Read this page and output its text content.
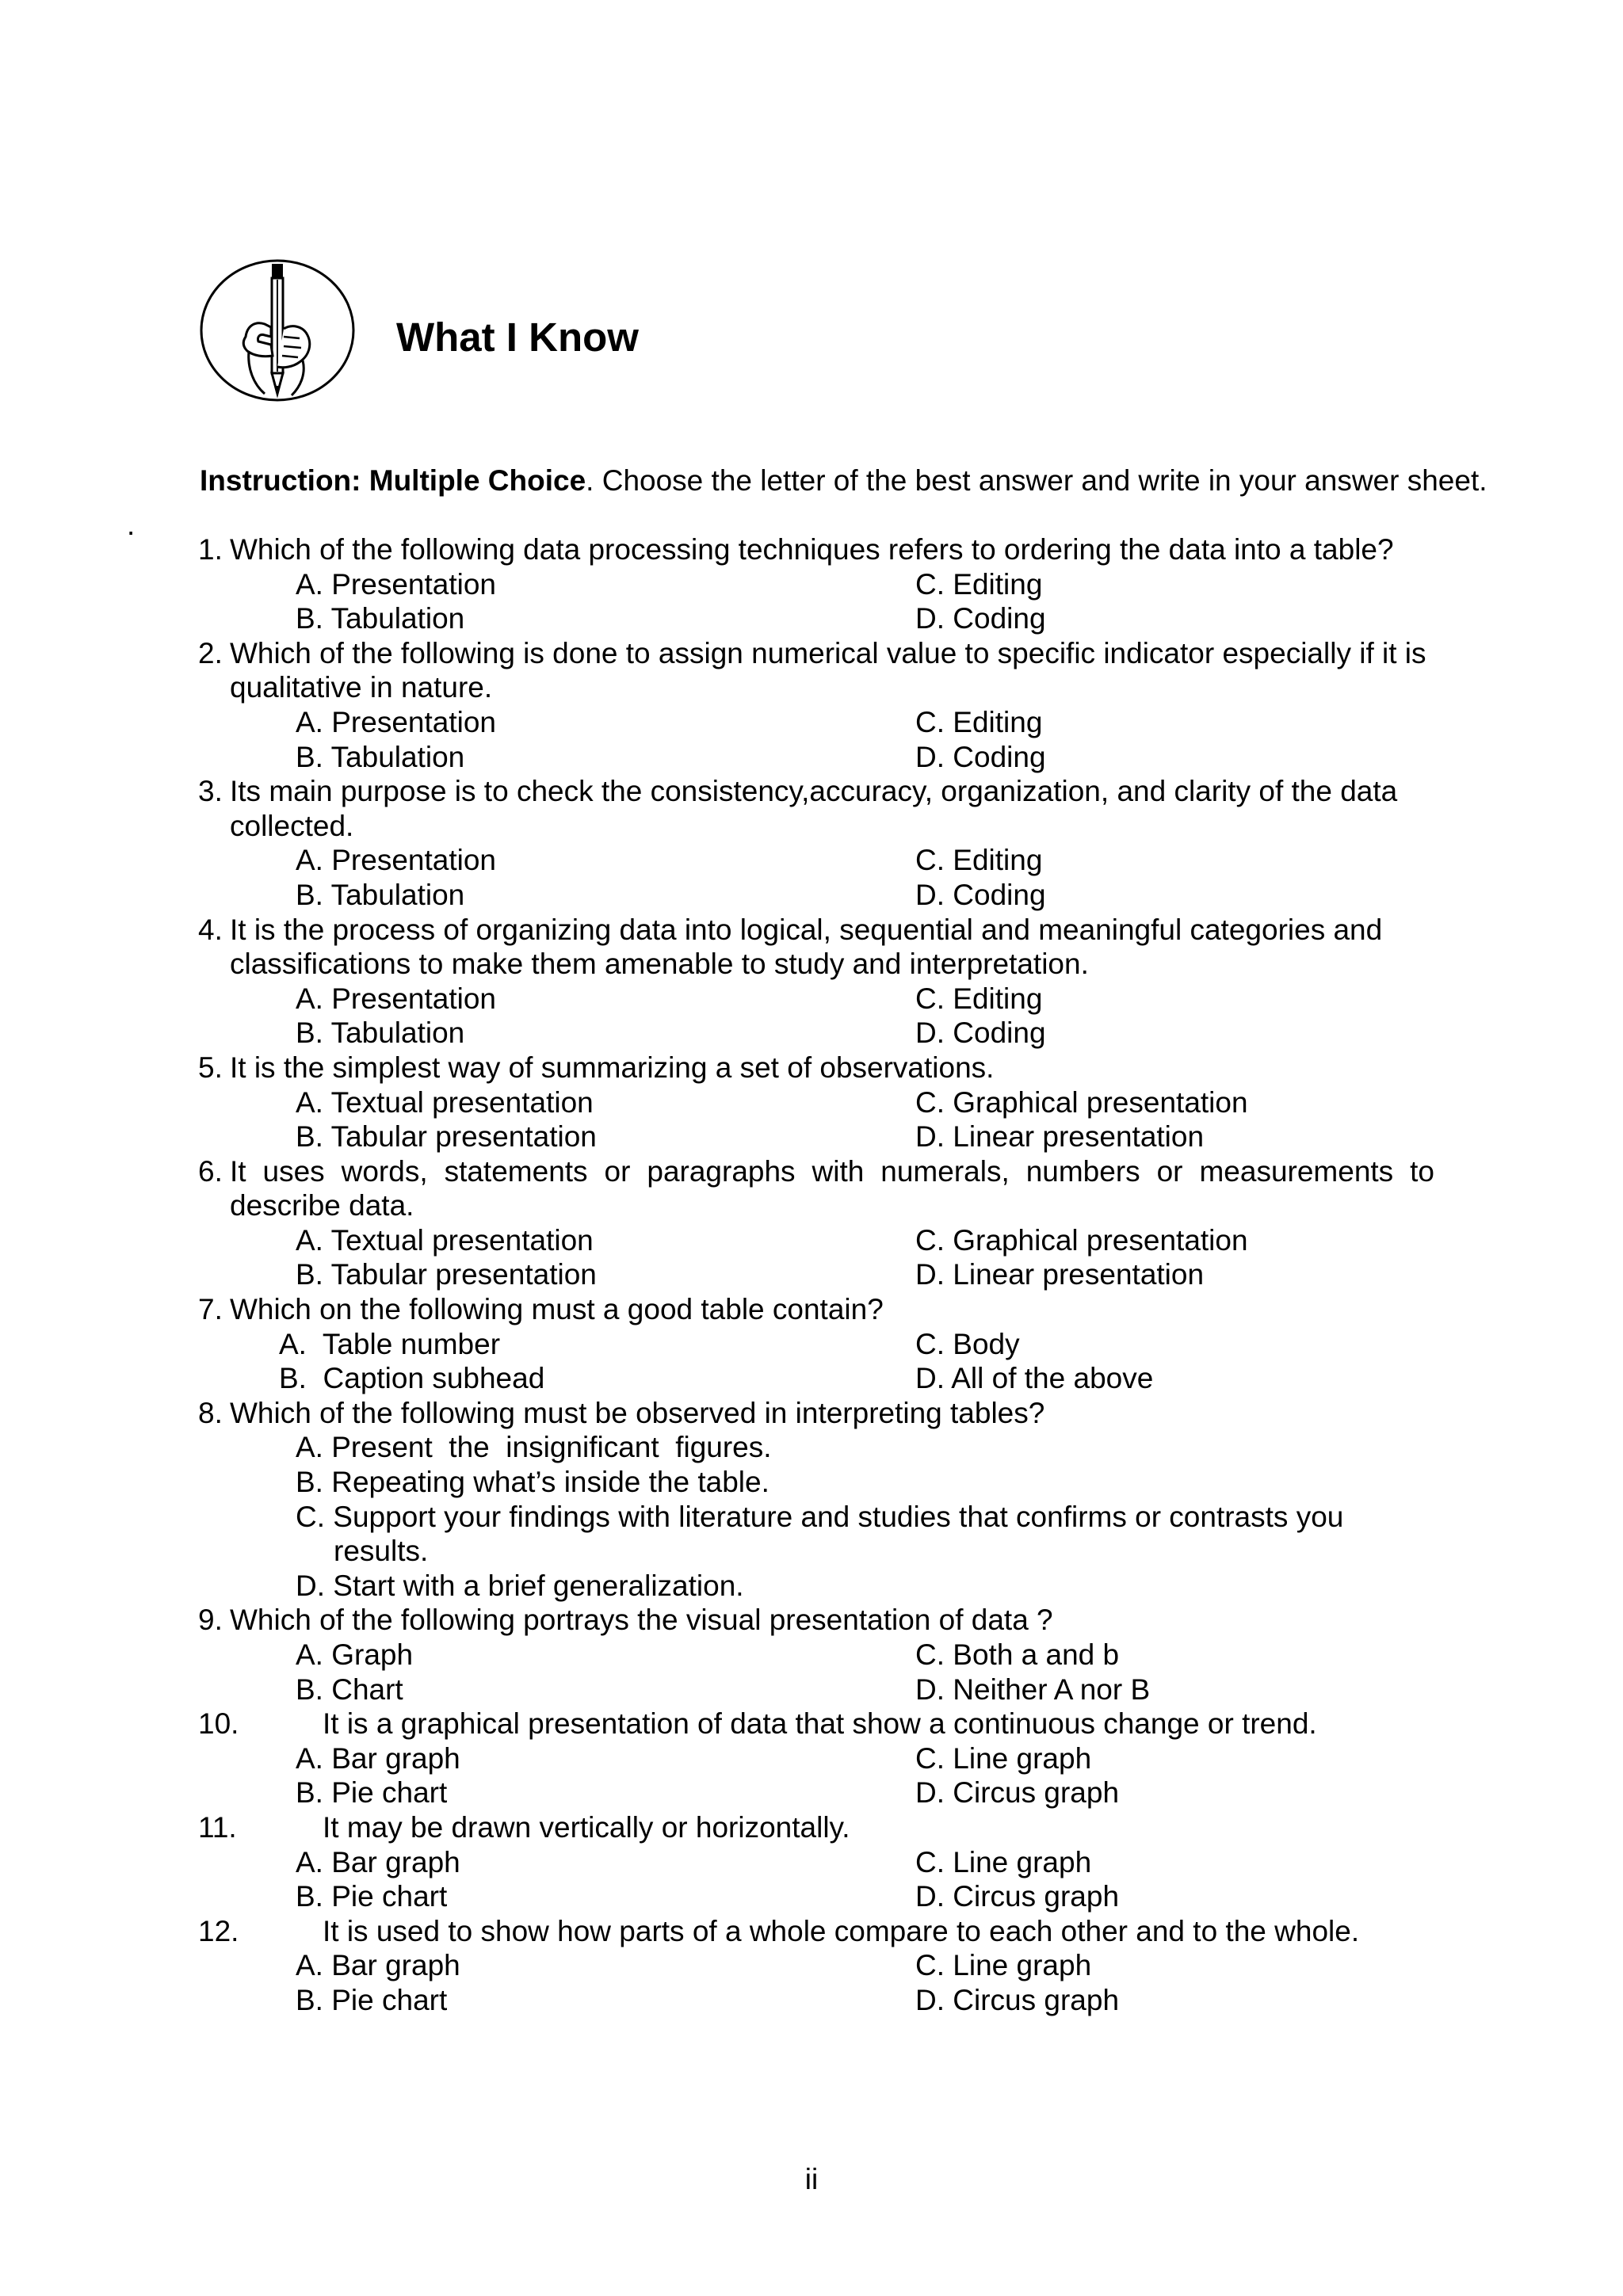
What I Know
Instruction: Multiple Choice. Choose the letter of the best answer and write in your answer sheet.
.
1. Which of the following data processing techniques refers to ordering the data into a table?
A. Presentation	C. Editing
B. Tabulation	D. Coding
2. Which of the following is done to assign numerical value to specific indicator especially if it is
qualitative in nature.
A. Presentation	C. Editing
B. Tabulation	D. Coding
3. Its main purpose is to check the consistency,accuracy, organization, and clarity of the data
collected.
A. Presentation	C. Editing
B. Tabulation	D. Coding
4. It is the process of organizing data into logical, sequential and meaningful categories and
classifications to make them amenable to study and interpretation.
A. Presentation	C. Editing
B. Tabulation	D. Coding
5. It is the simplest way of summarizing a set of observations.
A. Textual presentation	C. Graphical presentation
B. Tabular presentation	D. Linear presentation
6. It uses words, statements or paragraphs with numerals, numbers or measurements to
describe data.
A. Textual presentation	C. Graphical presentation
B. Tabular presentation	D. Linear presentation
7. Which on the following must a good table contain?
A.  Table number	C. Body
B.  Caption subhead	D. All of the above
8. Which of the following must be observed in interpreting tables?
A. Present  the  insignificant  figures.
B. Repeating what’s inside the table.
C. Support your findings with literature and studies that confirms or contrasts you
results.
D. Start with a brief generalization.
9. Which of the following portrays the visual presentation of data ?
A. Graph	C. Both a and b
B. Chart	D. Neither A nor B
10.	It is a graphical presentation of data that show a continuous change or trend.
A. Bar graph	C. Line graph
B. Pie chart	D. Circus graph
11.	It may be drawn vertically or horizontally.
A. Bar graph	C. Line graph
B. Pie chart	D. Circus graph
12.	It is used to show how parts of a whole compare to each other and to the whole.
A. Bar graph	C. Line graph
B. Pie chart	D. Circus graph
ii
